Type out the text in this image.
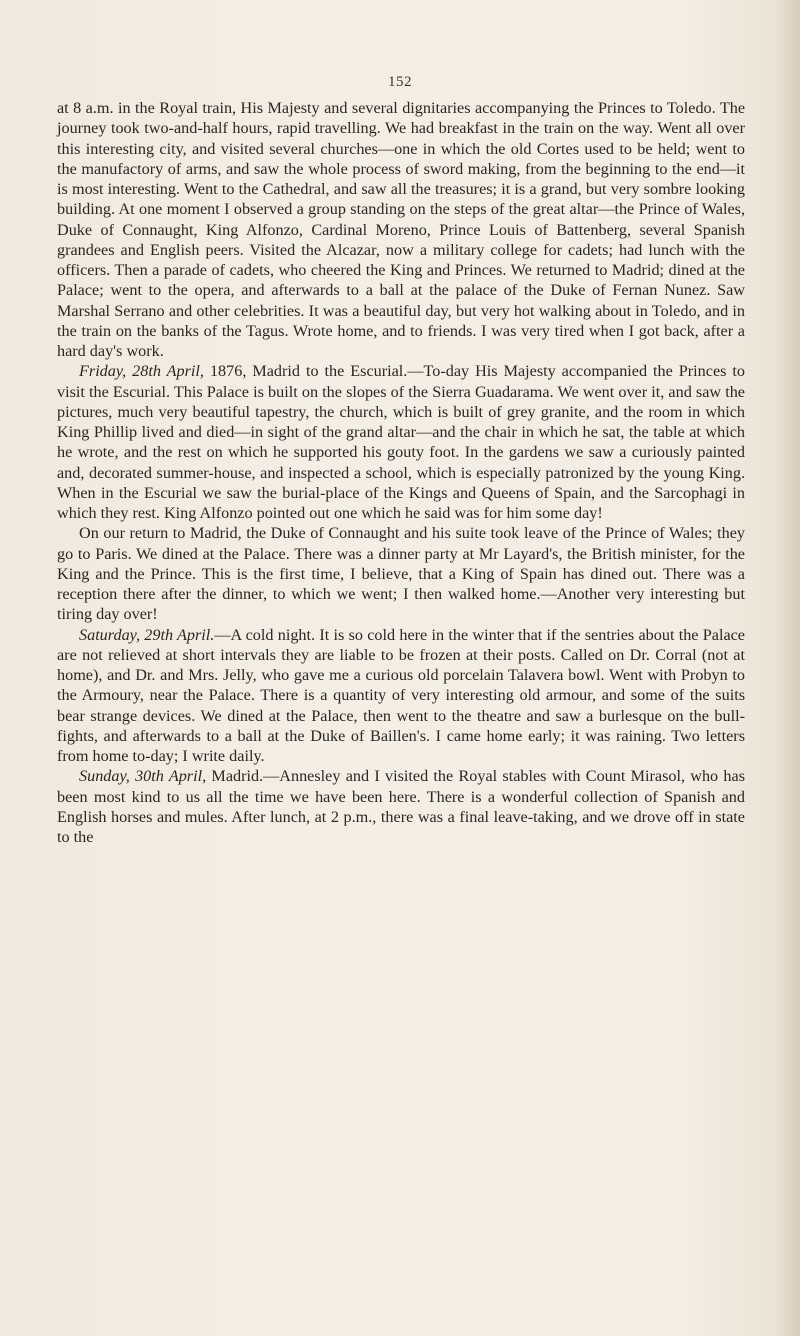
152

at 8 a.m. in the Royal train, His Majesty and several dignitaries accompanying the Princes to Toledo. The journey took two-and-half hours, rapid travelling. We had breakfast in the train on the way. Went all over this interesting city, and visited several churches—one in which the old Cortes used to be held; went to the manufactory of arms, and saw the whole process of sword making, from the beginning to the end—it is most interesting. Went to the Cathedral, and saw all the treasures; it is a grand, but very sombre looking building. At one moment I observed a group standing on the steps of the great altar—the Prince of Wales, Duke of Connaught, King Alfonzo, Cardinal Moreno, Prince Louis of Battenberg, several Spanish grandees and English peers. Visited the Alcazar, now a military college for cadets; had lunch with the officers. Then a parade of cadets, who cheered the King and Princes. We returned to Madrid; dined at the Palace; went to the opera, and afterwards to a ball at the palace of the Duke of Fernan Nunez. Saw Marshal Serrano and other celebrities. It was a beautiful day, but very hot walking about in Toledo, and in the train on the banks of the Tagus. Wrote home, and to friends. I was very tired when I got back, after a hard day's work.

Friday, 28th April, 1876, Madrid to the Escurial.—To-day His Majesty accompanied the Princes to visit the Escurial. This Palace is built on the slopes of the Sierra Guadarama. We went over it, and saw the pictures, much very beautiful tapestry, the church, which is built of grey granite, and the room in which King Phillip lived and died—in sight of the grand altar—and the chair in which he sat, the table at which he wrote, and the rest on which he supported his gouty foot. In the gardens we saw a curiously painted and, decorated summer-house, and inspected a school, which is especially patronized by the young King. When in the Escurial we saw the burial-place of the Kings and Queens of Spain, and the Sarcophagi in which they rest. King Alfonzo pointed out one which he said was for him some day!

On our return to Madrid, the Duke of Connaught and his suite took leave of the Prince of Wales; they go to Paris. We dined at the Palace. There was a dinner party at Mr Layard's, the British minister, for the King and the Prince. This is the first time, I believe, that a King of Spain has dined out. There was a reception there after the dinner, to which we went; I then walked home.—Another very interesting but tiring day over!

Saturday, 29th April.—A cold night. It is so cold here in the winter that if the sentries about the Palace are not relieved at short intervals they are liable to be frozen at their posts. Called on Dr. Corral (not at home), and Dr. and Mrs. Jelly, who gave me a curious old porcelain Talavera bowl. Went with Probyn to the Armoury, near the Palace. There is a quantity of very interesting old armour, and some of the suits bear strange devices. We dined at the Palace, then went to the theatre and saw a burlesque on the bull-fights, and afterwards to a ball at the Duke of Baillen's. I came home early; it was raining. Two letters from home to-day; I write daily.

Sunday, 30th April, Madrid.—Annesley and I visited the Royal stables with Count Mirasol, who has been most kind to us all the time we have been here. There is a wonderful collection of Spanish and English horses and mules. After lunch, at 2 p.m., there was a final leave-taking, and we drove off in state to the
